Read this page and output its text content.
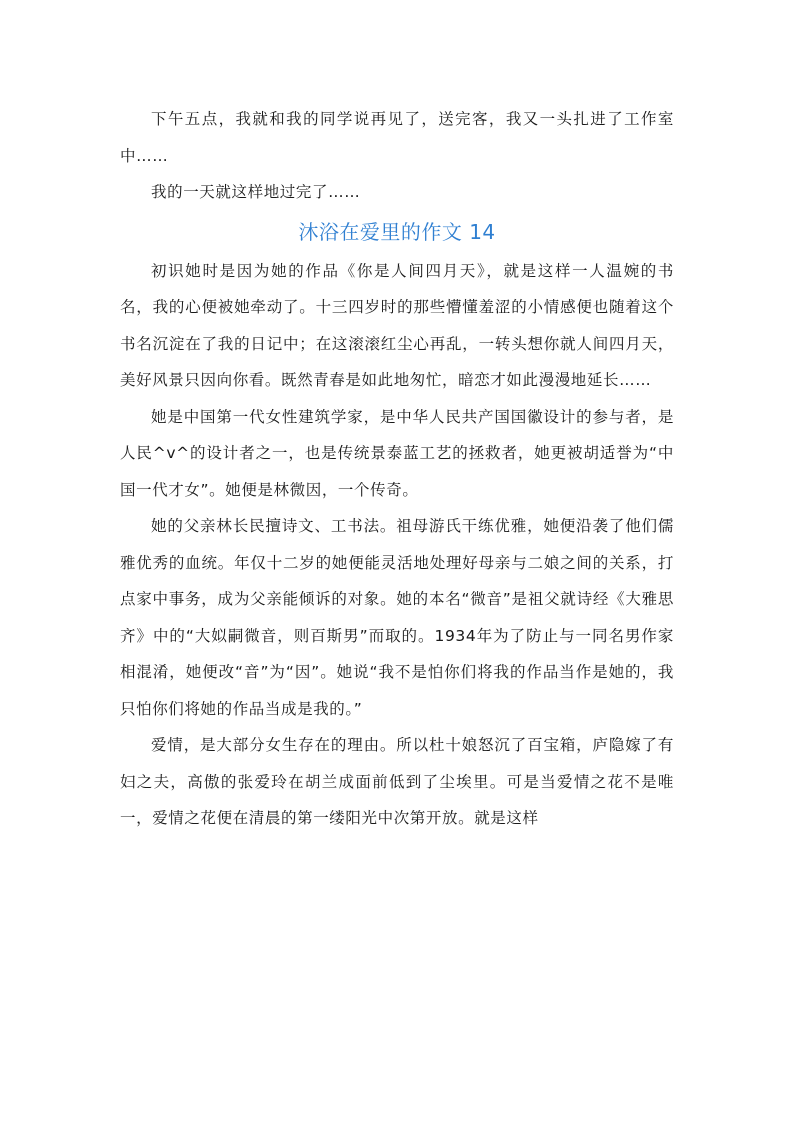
下午五点，我就和我的同学说再见了，送完客，我又一头扎进了工作室中……

我的一天就这样地过完了……

沐浴在爱里的作文 14

初识她时是因为她的作品《你是人间四月天》，就是这样一人温婉的书名，我的心便被她牵动了。十三四岁时的那些懵懂羞涩的小情感便也随着这个书名沉淀在了我的日记中；在这滚滚红尘心再乱，一转头想你就人间四月天，美好风景只因向你看。既然青春是如此地匆忙，暗恋才如此漫漫地延长……

她是中国第一代女性建筑学家，是中华人民共产国国徽设计的参与者，是人民^v^的设计者之一，也是传统景泰蓝工艺的拯救者，她更被胡适誉为“中国一代才女”。她便是林微因，一个传奇。

她的父亲林长民擅诗文、工书法。祖母游氏干练优雅，她便沿袭了他们儒雅优秀的血统。年仅十二岁的她便能灵活地处理好母亲与二娘之间的关系，打点家中事务，成为父亲能倾诉的对象。她的本名“微音”是祖父就诗经《大雅思齐》中的“大姒嗣微音，则百斯男”而取的。1934年为了防止与一同名男作家相混淆，她便改“音”为“因”。她说“我不是怕你们将我的作品当作是她的，我只怕你们将她的作品当成是我的。”

爱情，是大部分女生存在的理由。所以杜十娘怒沉了百宝箱，庐隐嫁了有妇之夫，高傲的张爱玲在胡兰成面前低到了尘埃里。可是当爱情之花不是唯一，爱情之花便在清晨的第一缕阳光中次第开放。就是这样
